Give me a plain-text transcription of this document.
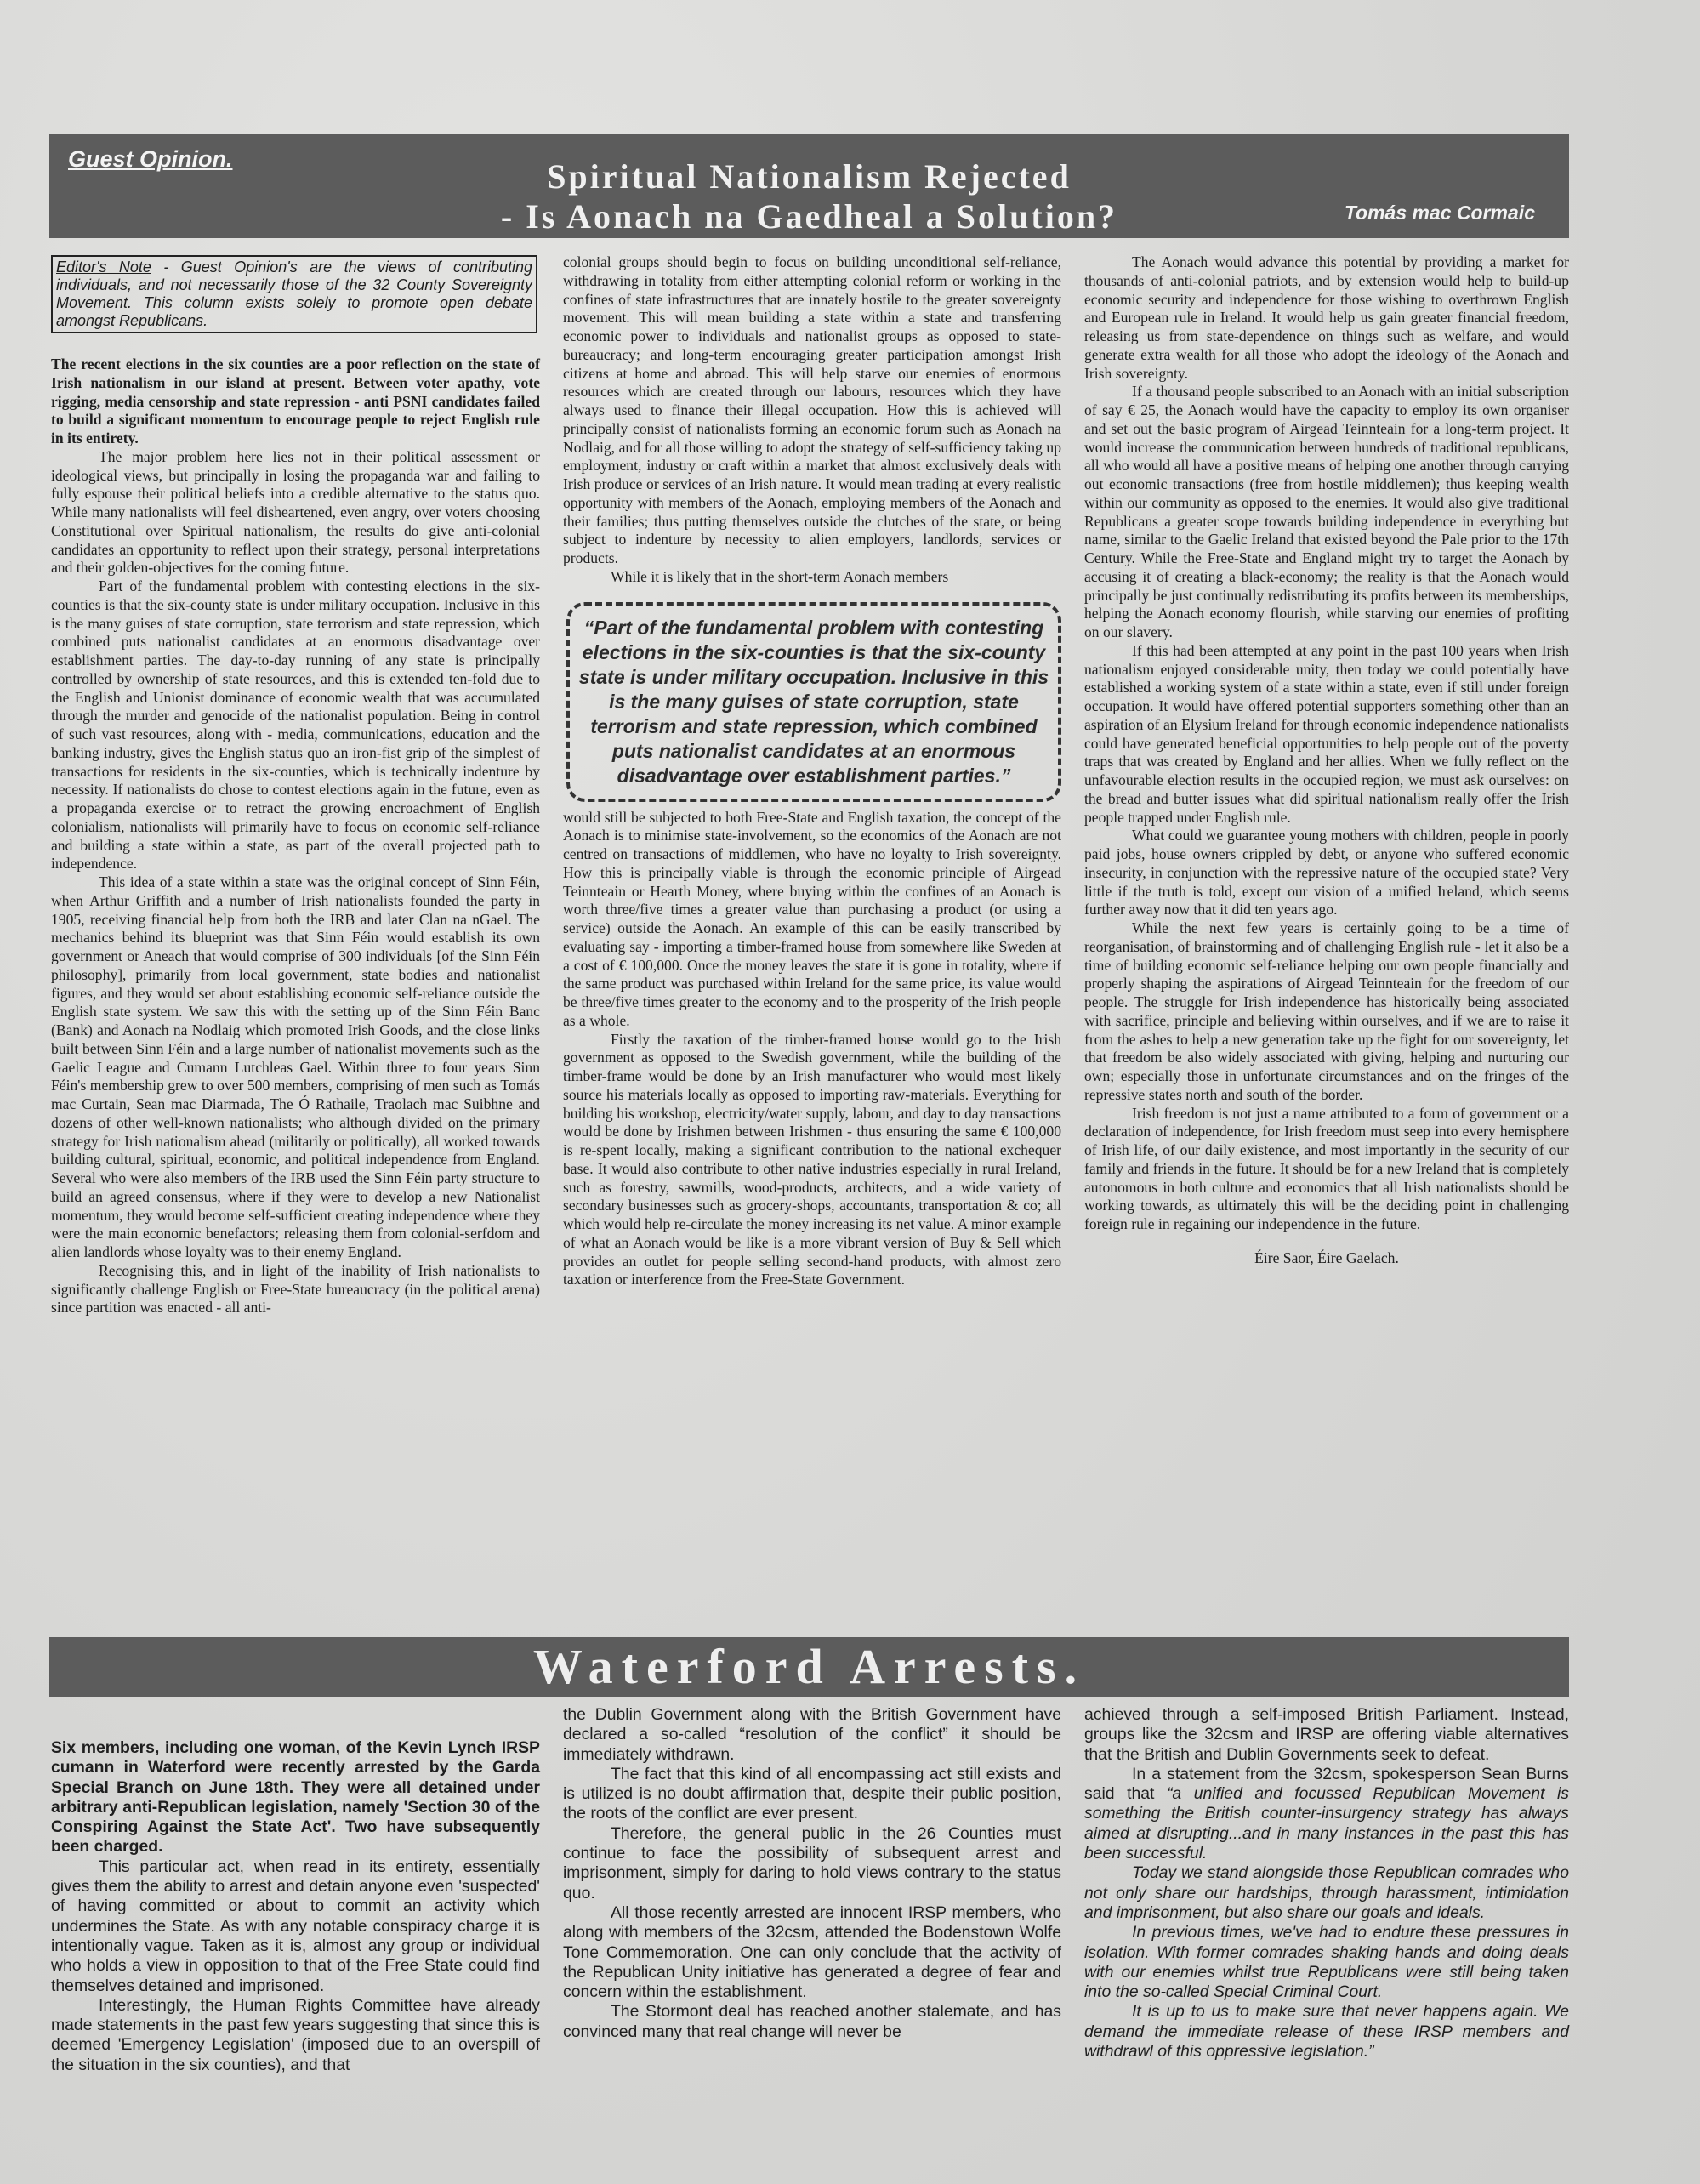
Guest Opinion.	Spiritual Nationalism Rejected
- Is Aonach na Gaedheal a Solution?	Tomás mac Cormaic
Editor's Note - Guest Opinion's are the views of contributing individuals, and not necessarily those of the 32 County Sovereignty Movement. This column exists solely to promote open debate amongst Republicans.

The recent elections in the six counties are a poor reflection on the state of Irish nationalism in our island at present. Between voter apathy, vote rigging, media censorship and state repression - anti PSNI candidates failed to build a significant momentum to encourage people to reject English rule in its entirety.

The major problem here lies not in their political assessment or ideological views, but principally in losing the propaganda war and failing to fully espouse their political beliefs into a credible alternative to the status quo. While many nationalists will feel disheartened, even angry, over voters choosing Constitutional over Spiritual nationalism, the results do give anti-colonial candidates an opportunity to reflect upon their strategy, personal interpretations and their golden-objectives for the coming future.

Part of the fundamental problem with contesting elections in the six-counties is that the six-county state is under military occupation. Inclusive in this is the many guises of state corruption, state terrorism and state repression, which combined puts nationalist candidates at an enormous disadvantage over establishment parties. The day-to-day running of any state is principally controlled by ownership of state resources, and this is extended ten-fold due to the English and Unionist dominance of economic wealth that was accumulated through the murder and genocide of the nationalist population. Being in control of such vast resources, along with - media, communications, education and the banking industry, gives the English status quo an iron-fist grip of the simplest of transactions for residents in the six-counties, which is technically indenture by necessity. If nationalists do chose to contest elections again in the future, even as a propaganda exercise or to retract the growing encroachment of English colonialism, nationalists will primarily have to focus on economic self-reliance and building a state within a state, as part of the overall projected path to independence.

This idea of a state within a state was the original concept of Sinn Féin, when Arthur Griffith and a number of Irish nationalists founded the party in 1905, receiving financial help from both the IRB and later Clan na nGael. The mechanics behind its blueprint was that Sinn Féin would establish its own government or Aneach that would comprise of 300 individuals [of the Sinn Féin philosophy], primarily from local government, state bodies and nationalist figures, and they would set about establishing economic self-reliance outside the English state system. We saw this with the setting up of the Sinn Féin Banc (Bank) and Aonach na Nodlaig which promoted Irish Goods, and the close links built between Sinn Féin and a large number of nationalist movements such as the Gaelic League and Cumann Lutchleas Gael. Within three to four years Sinn Féin's membership grew to over 500 members, comprising of men such as Tomás mac Curtain, Sean mac Diarmada, The Ó Rathaile, Traolach mac Suibhne and dozens of other well-known nationalists; who although divided on the primary strategy for Irish nationalism ahead (militarily or politically), all worked towards building cultural, spiritual, economic, and political independence from England. Several who were also members of the IRB used the Sinn Féin party structure to build an agreed consensus, where if they were to develop a new Nationalist momentum, they would become self-sufficient creating independence where they were the main economic benefactors; releasing them from colonial-serfdom and alien landlords whose loyalty was to their enemy England.

Recognising this, and in light of the inability of Irish nationalists to significantly challenge English or Free-State bureaucracy (in the political arena) since partition was enacted - all anti-

colonial groups should begin to focus on building unconditional self-reliance, withdrawing in totality from either attempting colonial reform or working in the confines of state infrastructures that are innately hostile to the greater sovereignty movement. This will mean building a state within a state and transferring economic power to individuals and nationalist groups as opposed to state-bureaucracy; and long-term encouraging greater participation amongst Irish citizens at home and abroad. This will help starve our enemies of enormous resources which are created through our labours, resources which they have always used to finance their illegal occupation. How this is achieved will principally consist of nationalists forming an economic forum such as Aonach na Nodlaig, and for all those willing to adopt the strategy of self-sufficiency taking up employment, industry or craft within a market that almost exclusively deals with Irish produce or services of an Irish nature. It would mean trading at every realistic opportunity with members of the Aonach, employing members of the Aonach and their families; thus putting themselves outside the clutches of the state, or being subject to indenture by necessity to alien employers, landlords, services or products.

While it is likely that in the short-term Aonach members

“Part of the fundamental problem with contesting elections in the six-counties is that the six-county state is under military occupation. Inclusive in this is the many guises of state corruption, state terrorism and state repression, which combined puts nationalist candidates at an enormous disadvantage over establishment parties.”

would still be subjected to both Free-State and English taxation, the concept of the Aonach is to minimise state-involvement, so the economics of the Aonach are not centred on transactions of middlemen, who have no loyalty to Irish sovereignty. How this is principally viable is through the economic principle of Airgead Teinnteain or Hearth Money, where buying within the confines of an Aonach is worth three/five times a greater value than purchasing a product (or using a service) outside the Aonach. An example of this can be easily transcribed by evaluating say - importing a timber-framed house from somewhere like Sweden at a cost of € 100,000. Once the money leaves the state it is gone in totality, where if the same product was purchased within Ireland for the same price, its value would be three/five times greater to the economy and to the prosperity of the Irish people as a whole.

Firstly the taxation of the timber-framed house would go to the Irish government as opposed to the Swedish government, while the building of the timber-frame would be done by an Irish manufacturer who would most likely source his materials locally as opposed to importing raw-materials. Everything for building his workshop, electricity/water supply, labour, and day to day transactions would be done by Irishmen between Irishmen - thus ensuring the same € 100,000 is re-spent locally, making a significant contribution to the national exchequer base. It would also contribute to other native industries especially in rural Ireland, such as forestry, sawmills, wood-products, architects, and a wide variety of secondary businesses such as grocery-shops, accountants, transportation & co; all which would help re-circulate the money increasing its net value. A minor example of what an Aonach would be like is a more vibrant version of Buy & Sell which provides an outlet for people selling second-hand products, with almost zero taxation or interference from the Free-State Government.

The Aonach would advance this potential by providing a market for thousands of anti-colonial patriots, and by extension would help to build-up economic security and independence for those wishing to overthrown English and European rule in Ireland. It would help us gain greater financial freedom, releasing us from state-dependence on things such as welfare, and would generate extra wealth for all those who adopt the ideology of the Aonach and Irish sovereignty.

If a thousand people subscribed to an Aonach with an initial subscription of say € 25, the Aonach would have the capacity to employ its own organiser and set out the basic program of Airgead Teinnteain for a long-term project. It would increase the communication between hundreds of traditional republicans, all who would all have a positive means of helping one another through carrying out economic transactions (free from hostile middlemen); thus keeping wealth within our community as opposed to the enemies. It would also give traditional Republicans a greater scope towards building independence in everything but name, similar to the Gaelic Ireland that existed beyond the Pale prior to the 17th Century. While the Free-State and England might try to target the Aonach by accusing it of creating a black-economy; the reality is that the Aonach would principally be just continually redistributing its profits between its memberships, helping the Aonach economy flourish, while starving our enemies of profiting on our slavery.

If this had been attempted at any point in the past 100 years when Irish nationalism enjoyed considerable unity, then today we could potentially have established a working system of a state within a state, even if still under foreign occupation. It would have offered potential supporters something other than an aspiration of an Elysium Ireland for through economic independence nationalists could have generated beneficial opportunities to help people out of the poverty traps that was created by England and her allies. When we fully reflect on the unfavourable election results in the occupied region, we must ask ourselves: on the bread and butter issues what did spiritual nationalism really offer the Irish people trapped under English rule.

What could we guarantee young mothers with children, people in poorly paid jobs, house owners crippled by debt, or anyone who suffered economic insecurity, in conjunction with the repressive nature of the occupied state? Very little if the truth is told, except our vision of a unified Ireland, which seems further away now that it did ten years ago.

While the next few years is certainly going to be a time of reorganisation, of brainstorming and of challenging English rule - let it also be a time of building economic self-reliance helping our own people financially and properly shaping the aspirations of Airgead Teinnteain for the freedom of our people. The struggle for Irish independence has historically being associated with sacrifice, principle and believing within ourselves, and if we are to raise it from the ashes to help a new generation take up the fight for our sovereignty, let that freedom be also widely associated with giving, helping and nurturing our own; especially those in unfortunate circumstances and on the fringes of the repressive states north and south of the border.

Irish freedom is not just a name attributed to a form of government or a declaration of independence, for Irish freedom must seep into every hemisphere of Irish life, of our daily existence, and most importantly in the security of our family and friends in the future. It should be for a new Ireland that is completely autonomous in both culture and economics that all Irish nationalists should be working towards, as ultimately this will be the deciding point in challenging foreign rule in regaining our independence in the future.

Éire Saor, Éire Gaelach.

Waterford Arrests.

Six members, including one woman, of the Kevin Lynch IRSP cumann in Waterford were recently arrested by the Garda Special Branch on June 18th. They were all detained under arbitrary anti-Republican legislation, namely 'Section 30 of the Conspiring Against the State Act'. Two have subsequently been charged.

This particular act, when read in its entirety, essentially gives them the ability to arrest and detain anyone even 'suspected' of having committed or about to commit an activity which undermines the State. As with any notable conspiracy charge it is intentionally vague. Taken as it is, almost any group or individual who holds a view in opposition to that of the Free State could find themselves detained and imprisoned.

Interestingly, the Human Rights Committee have already made statements in the past few years suggesting that since this is deemed 'Emergency Legislation' (imposed due to an overspill of the situation in the six counties), and that

the Dublin Government along with the British Government have declared a so-called “resolution of the conflict” it should be immediately withdrawn.

The fact that this kind of all encompassing act still exists and is utilized is no doubt affirmation that, despite their public position, the roots of the conflict are ever present.

Therefore, the general public in the 26 Counties must continue to face the possibility of subsequent arrest and imprisonment, simply for daring to hold views contrary to the status quo.

All those recently arrested are innocent IRSP members, who along with members of the 32csm, attended the Bodenstown Wolfe Tone Commemoration. One can only conclude that the activity of the Republican Unity initiative has generated a degree of fear and concern within the establishment.

The Stormont deal has reached another stalemate, and has convinced many that real change will never be

achieved through a self-imposed British Parliament. Instead, groups like the 32csm and IRSP are offering viable alternatives that the British and Dublin Governments seek to defeat.

In a statement from the 32csm, spokesperson Sean Burns said that “a unified and focussed Republican Movement is something the British counter-insurgency strategy has always aimed at disrupting...and in many instances in the past this has been successful.

Today we stand alongside those Republican comrades who not only share our hardships, through harassment, intimidation and imprisonment, but also share our goals and ideals.

In previous times, we've had to endure these pressures in isolation. With former comrades shaking hands and doing deals with our enemies whilst true Republicans were still being taken into the so-called Special Criminal Court.

It is up to us to make sure that never happens again. We demand the immediate release of these IRSP members and withdrawl of this oppressive legislation.”
